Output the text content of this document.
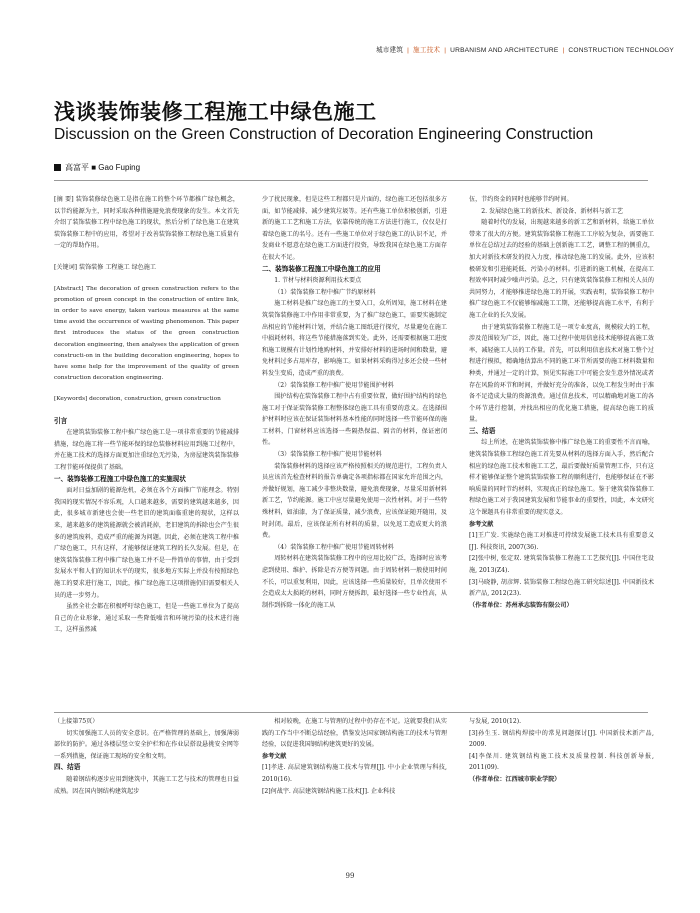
城市建筑 | 施工技术 | URBANISM AND ARCHITECTURE | CONSTRUCTION TECHNOLOGY
浅谈装饰装修工程施工中绿色施工
Discussion on the Green Construction of Decoration Engineering Construction
高富平 ■ Gao Fuping

[摘 要] 装饰装修绿色施工是指在施工的整个环节都推广绿色概念，以节约能源为主，同时采取各种措施避免浪费现象的发生。本文首先介绍了装饰装修工程中绿色施工的现状，然后分析了绿色施工在建筑装饰装修工程中的应用，希望对于改善装饰装修工程绿色施工质量有一定的帮助作用。

[关键词] 装饰装修 工程施工 绿色施工

[Abstract] The decoration of green construction refers to the promotion of green concept in the construction of entire link, in order to save energy, taken various measures at the same time avoid the occurrence of wasting phenomenon. This paper first introduces the status of the green construction decoration engineering, then analyses the application of green constructi-on in the building decoration engineering, hopes to have some help for the improvement of the quality of green construction decoration engineering.

[Keywords] decoration, construction, green construction

引言

在建筑装饰装修工程中推广绿色施工是一项非常重要的节能减排措施，绿色施工将一些节能环保的绿色装修材料应用到施工过程中，并在施工技术的选择方面更加注重绿色无污染，为房屋建筑装饰装修工程节能环保提供了基础。

一、装饰装修工程施工中绿色施工的实施现状

面对日益加剧的能源危机，必须在各个方面推广节能理念。特别我国的现实情况不容乐观，人口越来越多，需要的建筑越来越多，因此，很多城市新建也会使一些老旧的建筑面临重建的现状，这样以来，越来越多的建筑能源就会被消耗掉，老旧建筑的拆除也会产生很多的建筑废料，造成严重的能源为问题。因此，必须在建筑工程中推广绿色施工，只有这样，才能够保证建筑工程的长久发展。但是，在建筑装饰装修工程中推广绿色施工并不是一件简单的事情，由于受到发展水平和人们的知识水平的现实，很多地方实际上并没有按照绿色施工的要求进行施工，因此，推广绿色施工这项措施仍旧需要相关人员的进一步努力。

虽然全社会都在积极呼吁绿色施工，但是一些施工单位为了提高自己的企业形象，通过采取一些降低噪音和环境污染的技术进行施工，这样虽然减

少了扰民现象，但是这些工程都只是片面的，绿色施工还包括很多方面，如节能减排、减少建筑垃圾等。还有些施工单位积极创新，引进新的施工工艺和施工方法，依靠传统的施工方法进行施工，仅仅是打着绿色施工的名号。还有一些施工单位对于绿色施工的认识不足，并发商业不愿意在绿色施工方面进行投资，导致我国在绿色施工方面存在很大不足。

二、装饰装修工程施工中绿色施工的应用

1. 节材与材料资源利用技术要点

（1）装饰装修工程中推广节约原材料

施工材料是推广绿色施工的主要入口，众所周知，施工材料在建筑装饰装修施工中作用非常重要，为了推广绿色施工，需要实施制定出相应的节能材料计划，并结合施工图纸进行探究，尽量避免在施工中损耗材料，将这些节能措施落到实处。此外，还需要根据施工进度和施工规模有计划性地购材料，并安排好材料的进场时间和数量，避免材料过多占用库存，影响施工。如果材料采购得过多还会使一些材料发生变质，造成严重的浪费。

（2）装饰装修工程中推广使用节能围护材料

围护结构在装饰装修工程中占有重要位置，做好围护结构的绿色施工对于保证装饰装修工程整体绿色施工具有重要的意义。在选择围护材料时应该在保证装饰材料基本性能的同时选择一些节能环保的施工材料，门窗材料应该选择一些隔热保温、隔音的材料，保证密闭性。

（3）装饰装修工程中推广使用节能材料

装饰装修材料的选择应该严格按照相关的规范进行，工程负责人员应该首先检查材料的报告单确定各项指标都在国家允许范围之内，并做好规划，施工减少非整块数量，避免浪费现象，尽量采用新材料新工艺，节约能源。施工中应尽量避免使用一次性材料。对于一些特殊材料，如油漆，为了保证质量，减少浪费，应该保证随开随用，及时封闭。最后，应该保证所有材料的质量，以免返工造成更大的浪费。

（4）装饰装修工程中推广使用节能周转材料

周转材料在建筑装饰装修工程中的应用比较广泛，选择时应该考虑到使用、维护、拆除是否方便等问题。由于周转材料一般使用时间不长，可以重复利用，因此，应该选择一些质量较好，且单次使用不会造成太大损耗的材料，同时方便拆卸，最好选择一些专业性高，从制作到拆除一体化的施工从

伍，节约资金的同时也能够节约时间。

2. 发展绿色施工的新技术、新设备、新材料与新工艺

随着时代的发展，出现越来越多的新工艺和新材料，给施工单位带来了很大的方便。建筑装饰装修工程施工工序较为复杂，需要施工单位在总结过去的经验的基础上创新施工工艺，调整工程的侧重点，加大对新技术研发的投入力度，推动绿色施工的发展。此外，应该积极研发和引进能耗低、污染小的材料。引进新的施工机械，在提高工程效率同时减少噪声污染。总之，只有建筑装饰装修工程相关人员的共同努力，才能够推进绿色施工的开展，实践表明，装饰装修工程中推广绿色施工不仅能够缩减施工工期，还能够提高施工水平，有利于施工企业的长久发展。

由于建筑装饰装修工程施工是一项专业度高，规模较大的工程，涉及范围较为广泛，因此，施工过程中使用信息技术能够提高施工效率，减轻施工人员的工作量。首先，可以利用信息技术对施工整个过程进行模拟，精确地估算出不同的施工环节所需要的施工材料数量和种类，并通过一定的计算，预见实际施工中可能会发生意外情况或者存在风险的环节和时间，并做好充分的准备，以免工程发生时由于准备不足造成大量的资源浪费。通过信息技术，可以精确地对施工的各个环节进行控制，并找出相应的优化施工措施，提高绿色施工的质量。

三、结语

综上所述，在建筑装饰装修中推广绿色施工的重要性不言而喻，建筑装饰装修工程绿色施工首先要从材料的选择方面入手，然后配合相应的绿色施工技术和施工工艺，最后要做好质量管理工作，只有这样才能够保证整个建筑装饰装修工程的顺利进行，也能够保证在不影响质量的同时节约材料，实现真正的绿色施工。鉴于建筑装饰装修工程绿色施工对于我国建筑发展和节能事业的重要性，因此，本文研究这个课题具有非常重要的现实意义。

参考文献

[1]王广发. 实施绿色施工对推进可持续发展施工技术具有重要意义[J]. 科技资讯, 2007(36).

[2]张中树, 张定双. 建筑装饰装修工程施工工艺探究[J]. 中国住宅设施, 2013(Z4).

[3]马晓静, 胡彦辉. 装饰装修工程绿色施工研究综述[J]. 中国新技术新产品, 2012(23).

（作者单位：苏州承志装饰有限公司）

（上接第75页）

切实加强施工人员的安全意识。在严格管理的基础上，加强薄弱部位的防护。通过各楼层竖立安全护栏和在作业层搭设悬挑安全网等一系列措施，保证施工现场的安全和文明。

四、结语

随着钢结构逐步应用到建筑中，其施工工艺与技术的管理也日益成熟。因在国内钢结构建筑起步

相对较晚，在施工与管理的过程中仍存在不足。这就要我们从实践的工作当中不断总结经验，借鉴发达国家钢结构施工的技术与管理经验，以促进我国钢结构建筑更好的发展。

参考文献

[1]孝进. 高层建筑钢结构施工技术与管理[J]. 中小企业管理与科技, 2010(16).

[2]何战宇. 高层建筑钢结构施工技术[J]. 企业科技

与发展, 2010(12).

[3]孙生玉. 钢结构焊接中的常见问题探讨[J]. 中国新技术新产品, 2009.

[4]李保川. 建筑钢结构施工技术及质量控制. 科技创新导报, 2011(09).

（作者单位：江西城市职业学院）

99
